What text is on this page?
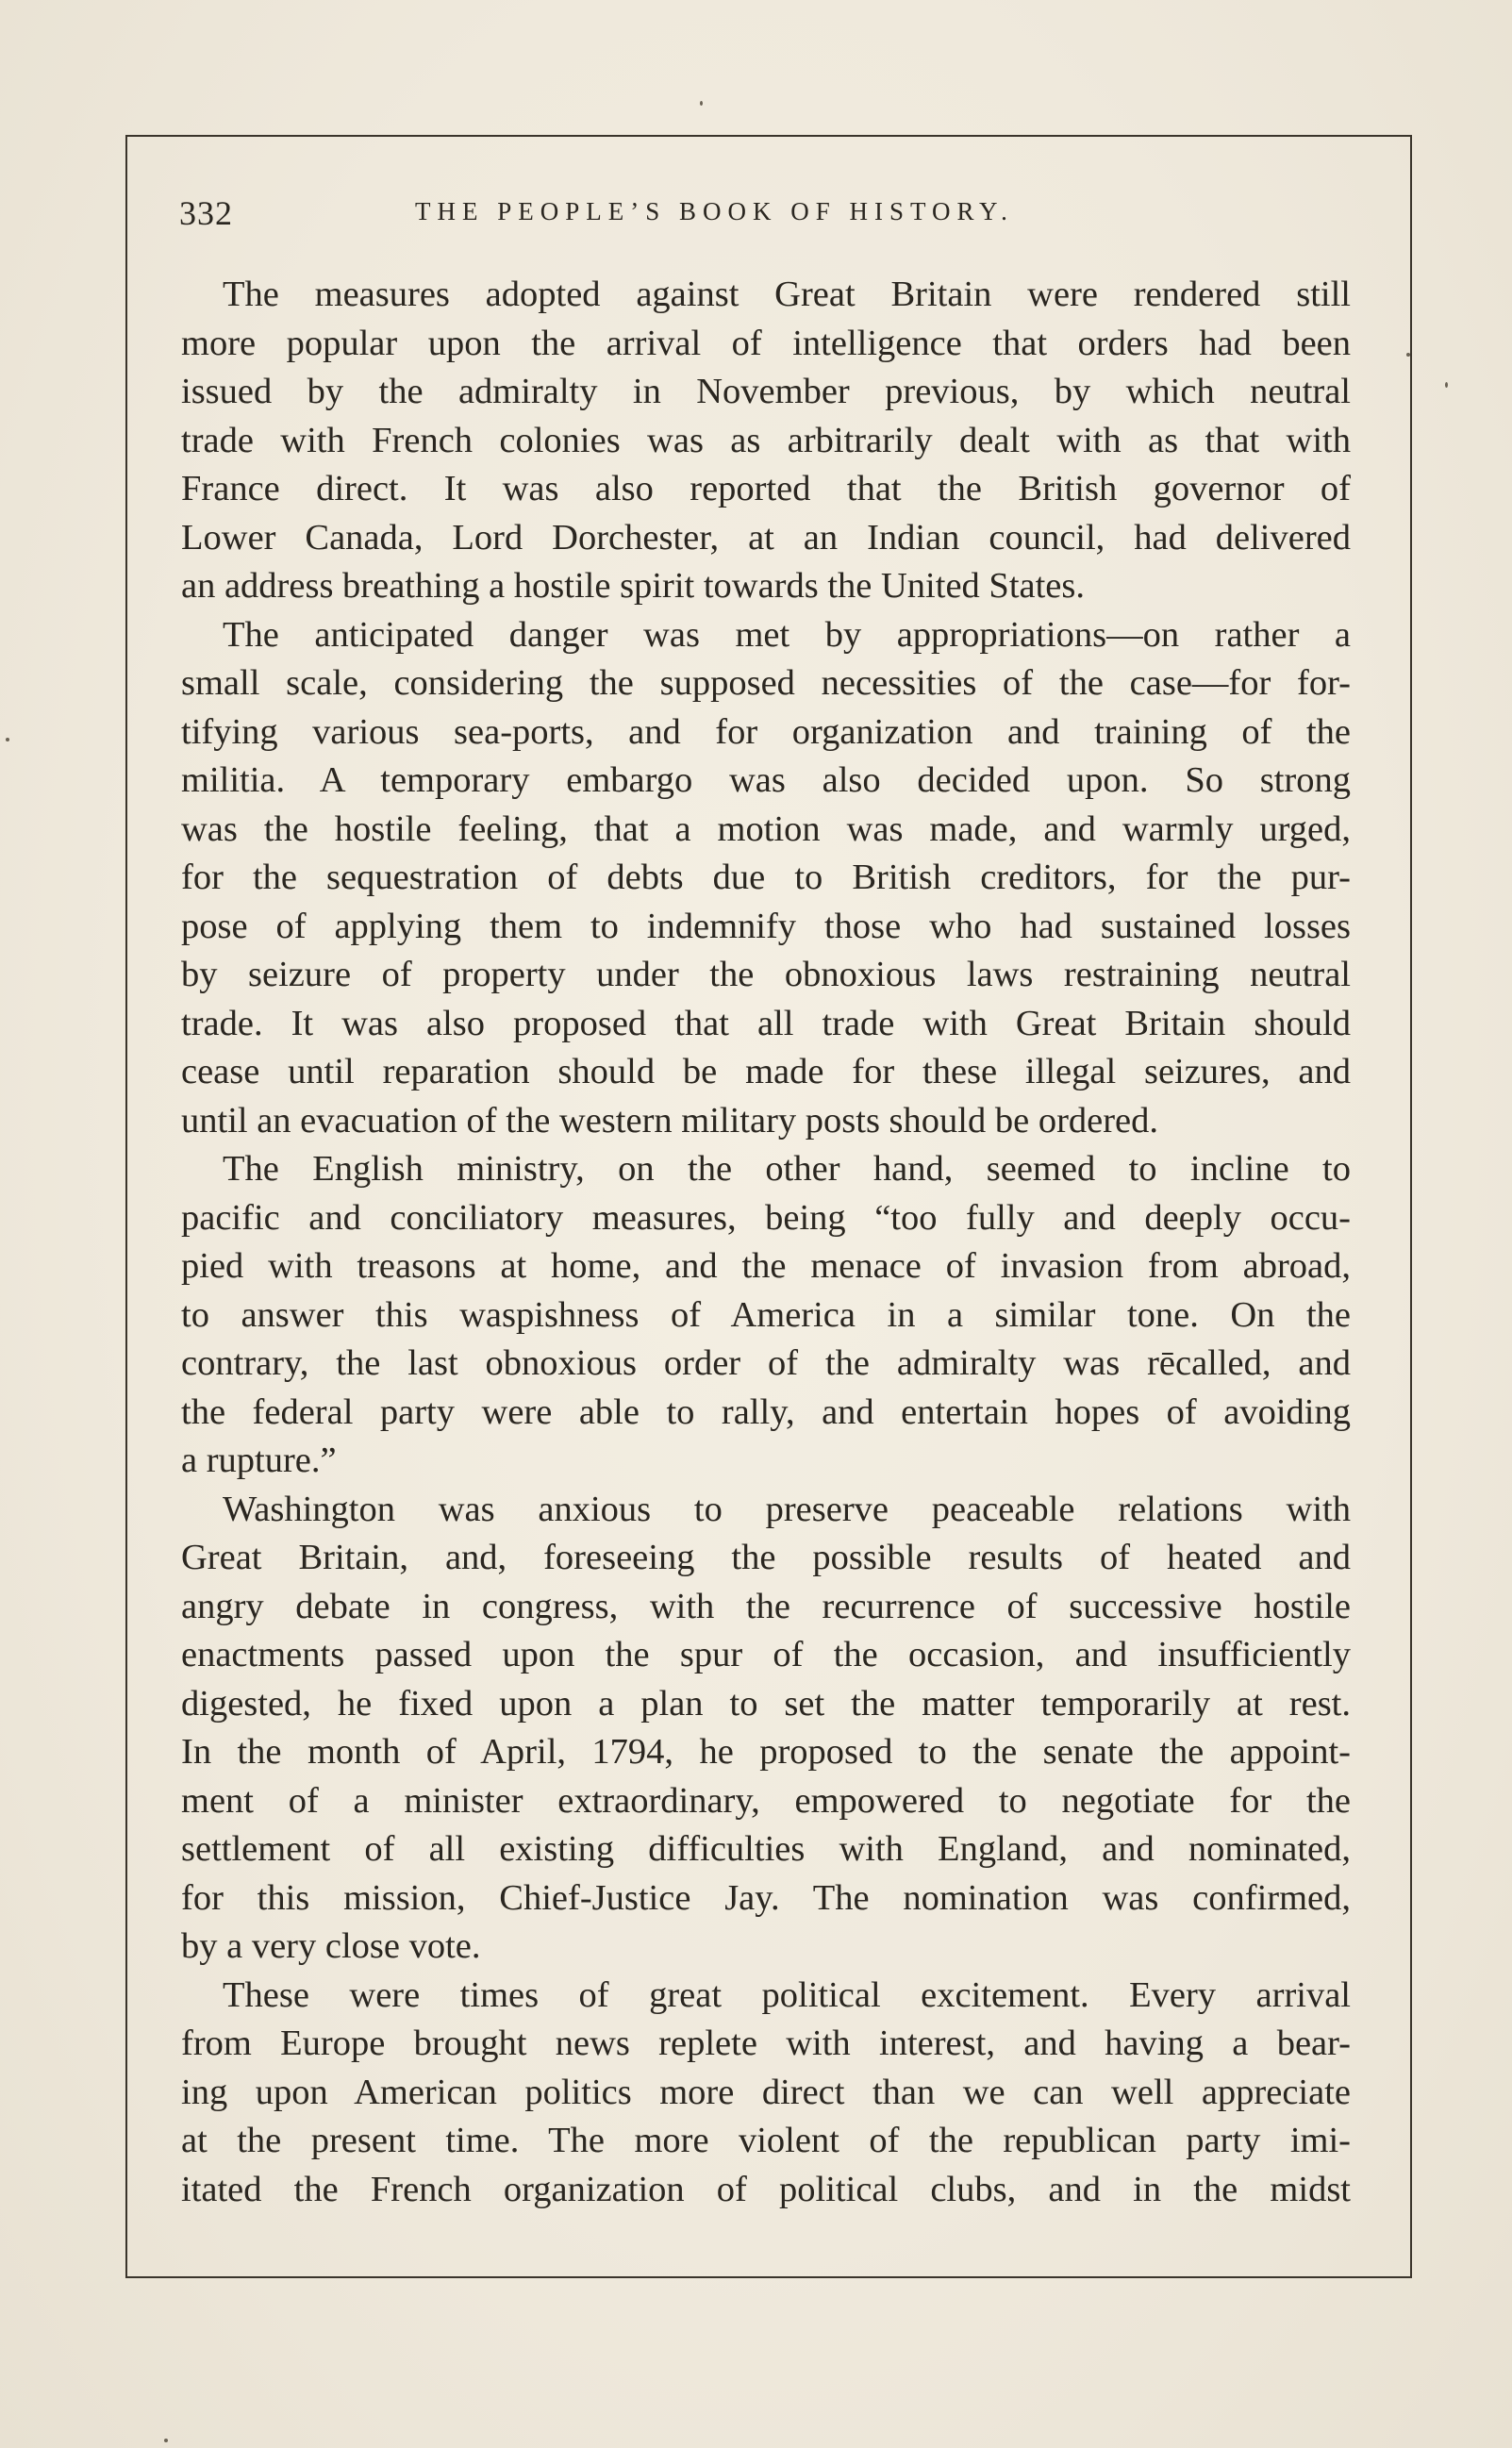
332	THE PEOPLE’S BOOK OF HISTORY.
The measures adopted against Great Britain were rendered still
more popular upon the arrival of intelligence that orders had been
issued by the admiralty in November previous, by which neutral
trade with French colonies was as arbitrarily dealt with as that with
France direct. It was also reported that the British governor of
Lower Canada, Lord Dorchester, at an Indian council, had delivered
an address breathing a hostile spirit towards the United States.
The anticipated danger was met by appropriations—on rather a
small scale, considering the supposed necessities of the case—for for-
tifying various sea-ports, and for organization and training of the
militia. A temporary embargo was also decided upon. So strong
was the hostile feeling, that a motion was made, and warmly urged,
for the sequestration of debts due to British creditors, for the pur-
pose of applying them to indemnify those who had sustained losses
by seizure of property under the obnoxious laws restraining neutral
trade. It was also proposed that all trade with Great Britain should
cease until reparation should be made for these illegal seizures, and
until an evacuation of the western military posts should be ordered.
The English ministry, on the other hand, seemed to incline to
pacific and conciliatory measures, being “too fully and deeply occu-
pied with treasons at home, and the menace of invasion from abroad,
to answer this waspishness of America in a similar tone. On the
contrary, the last obnoxious order of the admiralty was rēcalled, and
the federal party were able to rally, and entertain hopes of avoiding
a rupture.”
Washington was anxious to preserve peaceable relations with
Great Britain, and, foreseeing the possible results of heated and
angry debate in congress, with the recurrence of successive hostile
enactments passed upon the spur of the occasion, and insufficiently
digested, he fixed upon a plan to set the matter temporarily at rest.
In the month of April, 1794, he proposed to the senate the appoint-
ment of a minister extraordinary, empowered to negotiate for the
settlement of all existing difficulties with England, and nominated,
for this mission, Chief-Justice Jay. The nomination was confirmed,
by a very close vote.
These were times of great political excitement. Every arrival
from Europe brought news replete with interest, and having a bear-
ing upon American politics more direct than we can well appreciate
at the present time. The more violent of the republican party imi-
itated the French organization of political clubs, and in the midst
